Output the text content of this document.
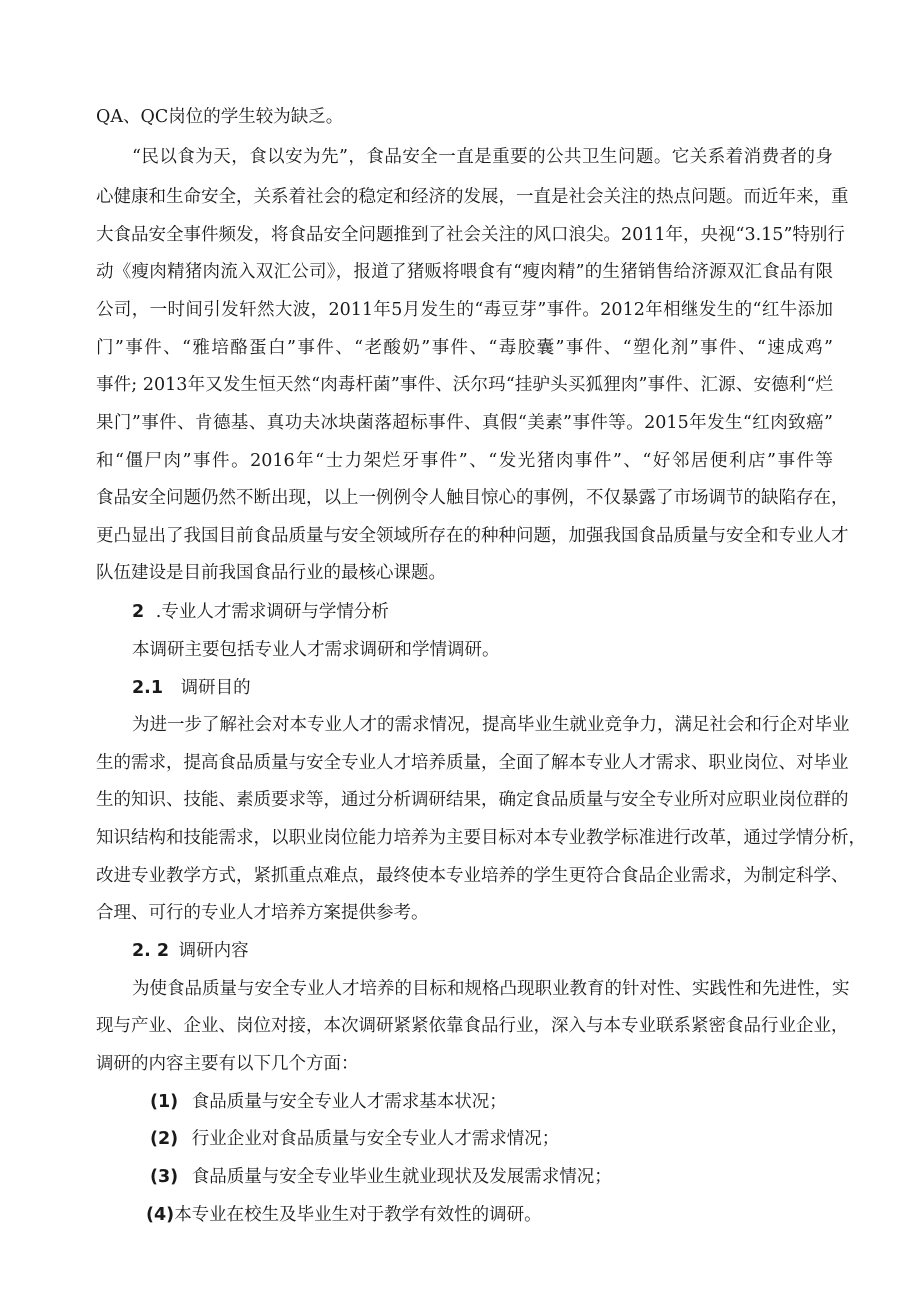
QA、QC岗位的学生较为缺乏。
“民以食为天，食以安为先”，食品安全一直是重要的公共卫生问题。它关系着消费者的身
心健康和生命安全，关系着社会的稳定和经济的发展，一直是社会关注的热点问题。而近年来，重
大食品安全事件频发，将食品安全问题推到了社会关注的风口浪尖。2011年，央视“3.15”特别行
动《瘦肉精猪肉流入双汇公司》，报道了猪贩将喂食有“瘦肉精”的生猪销售给济源双汇食品有限
公司，一时间引发轩然大波，2011年5月发生的“毒豆芽”事件。2012年相继发生的“红牛添加
门”事件、“雅培酪蛋白”事件、“老酸奶”事件、“毒胶囊”事件、“塑化剂”事件、“速成鸡”
事件; 2013年又发生恒天然“肉毒杆菌”事件、沃尔玛“挂驴头买狐狸肉”事件、汇源、安德利“烂
果门”事件、肯德基、真功夫冰块菌落超标事件、真假“美素”事件等。2015年发生“红肉致癌”
和“僵尸肉”事件。2016年“士力架烂牙事件”、“发光猪肉事件”、“好邻居便利店”事件等
食品安全问题仍然不断出现，以上一例例令人触目惊心的事例，不仅暴露了市场调节的缺陷存在，
更凸显出了我国目前食品质量与安全领域所存在的种种问题，加强我国食品质量与安全和专业人才
队伍建设是目前我国食品行业的最核心课题。
2 .专业人才需求调研与学情分析
本调研主要包括专业人才需求调研和学情调研。
2.1 调研目的
为进一步了解社会对本专业人才的需求情况，提高毕业生就业竞争力，满足社会和行企对毕业
生的需求，提高食品质量与安全专业人才培养质量，全面了解本专业人才需求、职业岗位、对毕业
生的知识、技能、素质要求等，通过分析调研结果，确定食品质量与安全专业所对应职业岗位群的
知识结构和技能需求，以职业岗位能力培养为主要目标对本专业教学标准进行改革，通过学情分析，
改进专业教学方式，紧抓重点难点，最终使本专业培养的学生更符合食品企业需求，为制定科学、
合理、可行的专业人才培养方案提供参考。
2. 2 调研内容
为使食品质量与安全专业人才培养的目标和规格凸现职业教育的针对性、实践性和先进性，实
现与产业、企业、岗位对接，本次调研紧紧依靠食品行业，深入与本专业联系紧密食品行业企业，
调研的内容主要有以下几个方面：
(1) 食品质量与安全专业人才需求基本状况；
(2) 行业企业对食品质量与安全专业人才需求情况；
(3) 食品质量与安全专业毕业生就业现状及发展需求情况；
(4)本专业在校生及毕业生对于教学有效性的调研。
